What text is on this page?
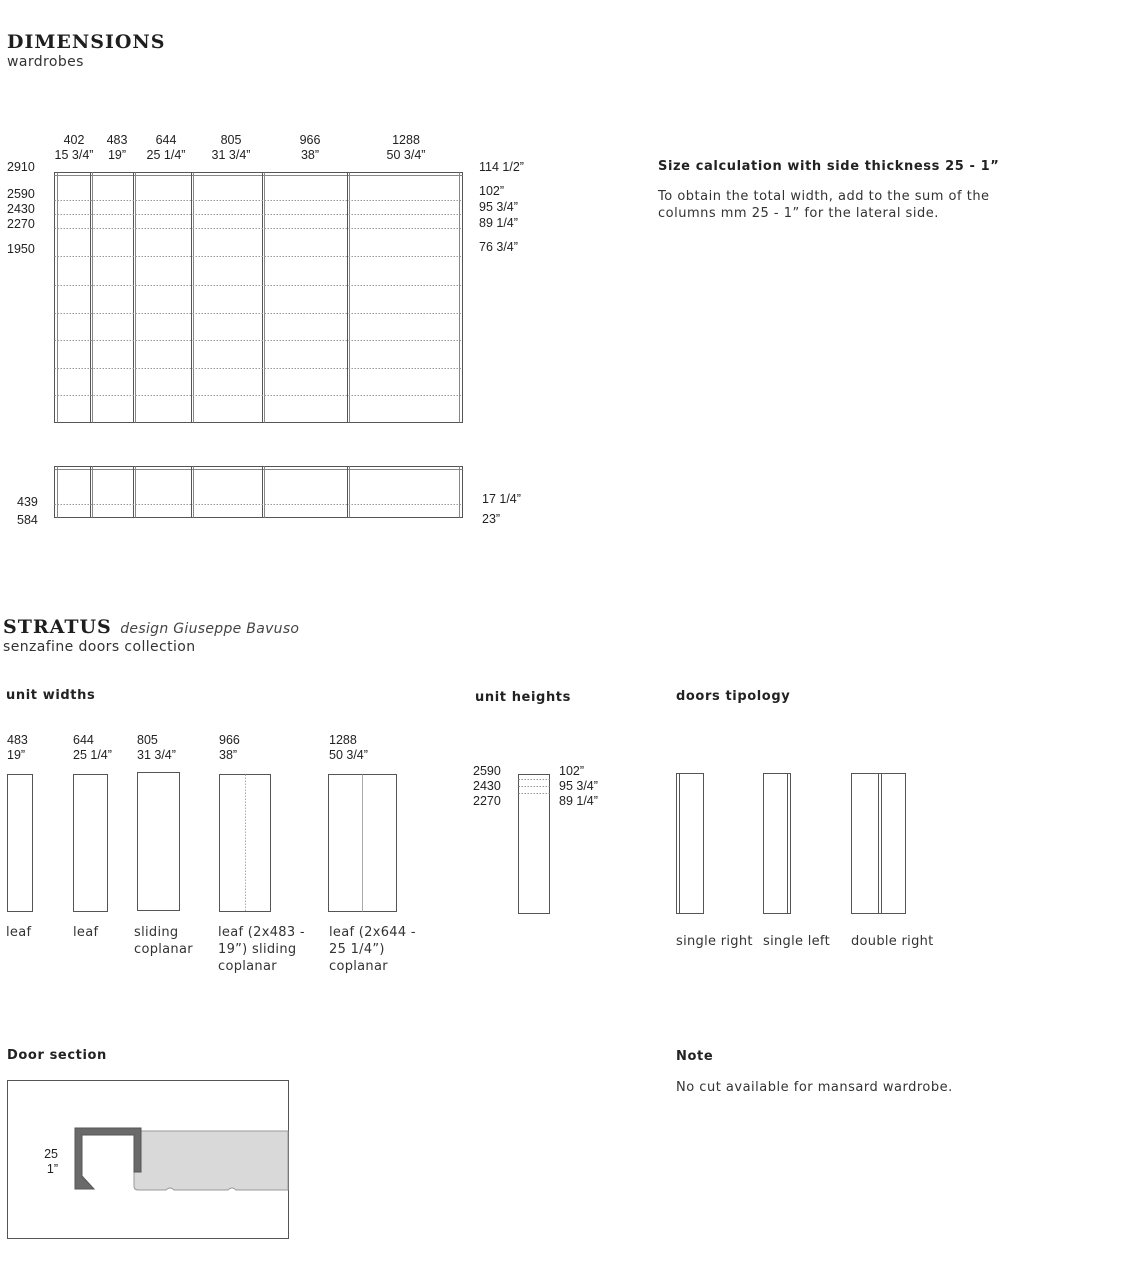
DIMENSIONS
wardrobes
402
15 3/4”
483
19”
644
25 1/4”
805
31 3/4”
966
38”
1288
50 3/4”
2910
2590
2430
2270
1950
114 1/2”
102”
95 3/4”
89 1/4”
76 3/4”
439
584
17 1/4”
23”
Size calculation with side thickness 25 - 1”
To obtain the total width, add to the sum of the
columns mm 25 - 1” for the lateral side.
STRATUS design Giuseppe Bavuso
senzafine doors collection
unit widths	unit heights	doors tipology
483
19”
644
25 1/4”
805
31 3/4”
966
38”
1288
50 3/4”
leaf	leaf	sliding coplanar
leaf (2x483 - 19”) sliding coplanar
leaf (2x644 - 25 1/4”) coplanar
2590
2430
2270
102”
95 3/4”
89 1/4”
single right single left double right
Door section
25
1”
Note
No cut available for mansard wardrobe.
